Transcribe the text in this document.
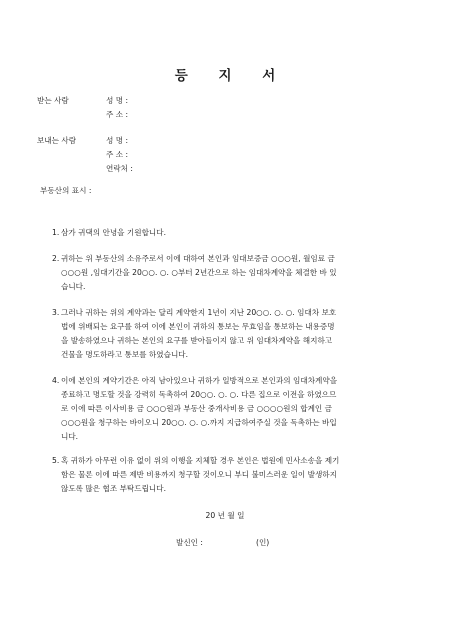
등 지 서
받는 사람	성 명 :
주 소 :
보내는 사람	성 명 :
주 소 :
연락처 :
부동산의 표시 :
1. 삼가 귀댁의 안녕을 기원합니다.
2. 귀하는 위 부동산의 소유주로서 이에 대하여 본인과 임대보증금 ○○○원, 월임료 금
○○○원 ,임대기간을 20○○. ○. ○부터 2년간으로 하는 임대차계약을 체결한 바 있
습니다.
3. 그러나 귀하는 위의 계약과는 달리 계약한지 1년이 지난 20○○. ○. ○. 임대차 보호
법에 위배되는 요구를 하여 이에 본인이 귀하의 통보는 무효임을 통보하는 내용증명
을 발송하였으나 귀하는 본인의 요구를 받아들이지 않고 위 임대차계약을 해지하고
건물을 명도하라고 통보를 하였습니다.
4. 이에 본인의 계약기간은 아직 남아있으나 귀하가 일방적으로 본인과의 임대차계약을
종료하고 명도할 것을 강력히 독촉하여 20○○. ○. ○. 다른 집으로 이전을 하였으므
로 이에 따른 이사비용 금 ○○○원과 부동산 중개사비용 금 ○○○○원의 합계인 금
○○○원을 청구하는 바이오니 20○○. ○. ○.까지 지급하여주실 것을 독촉하는 바입
니다.
5. 혹 귀하가 아무런 이유 없이 위의 이행을 지체할 경우 본인은 법원에 민사소송을 제기
함은 물론 이에 따른 제반 비용까지 청구할 것이오니 부디 불미스러운 일이 발생하지
않도록 많은 협조 부탁드립니다.
20 년 월 일
발신인 :	(인)
